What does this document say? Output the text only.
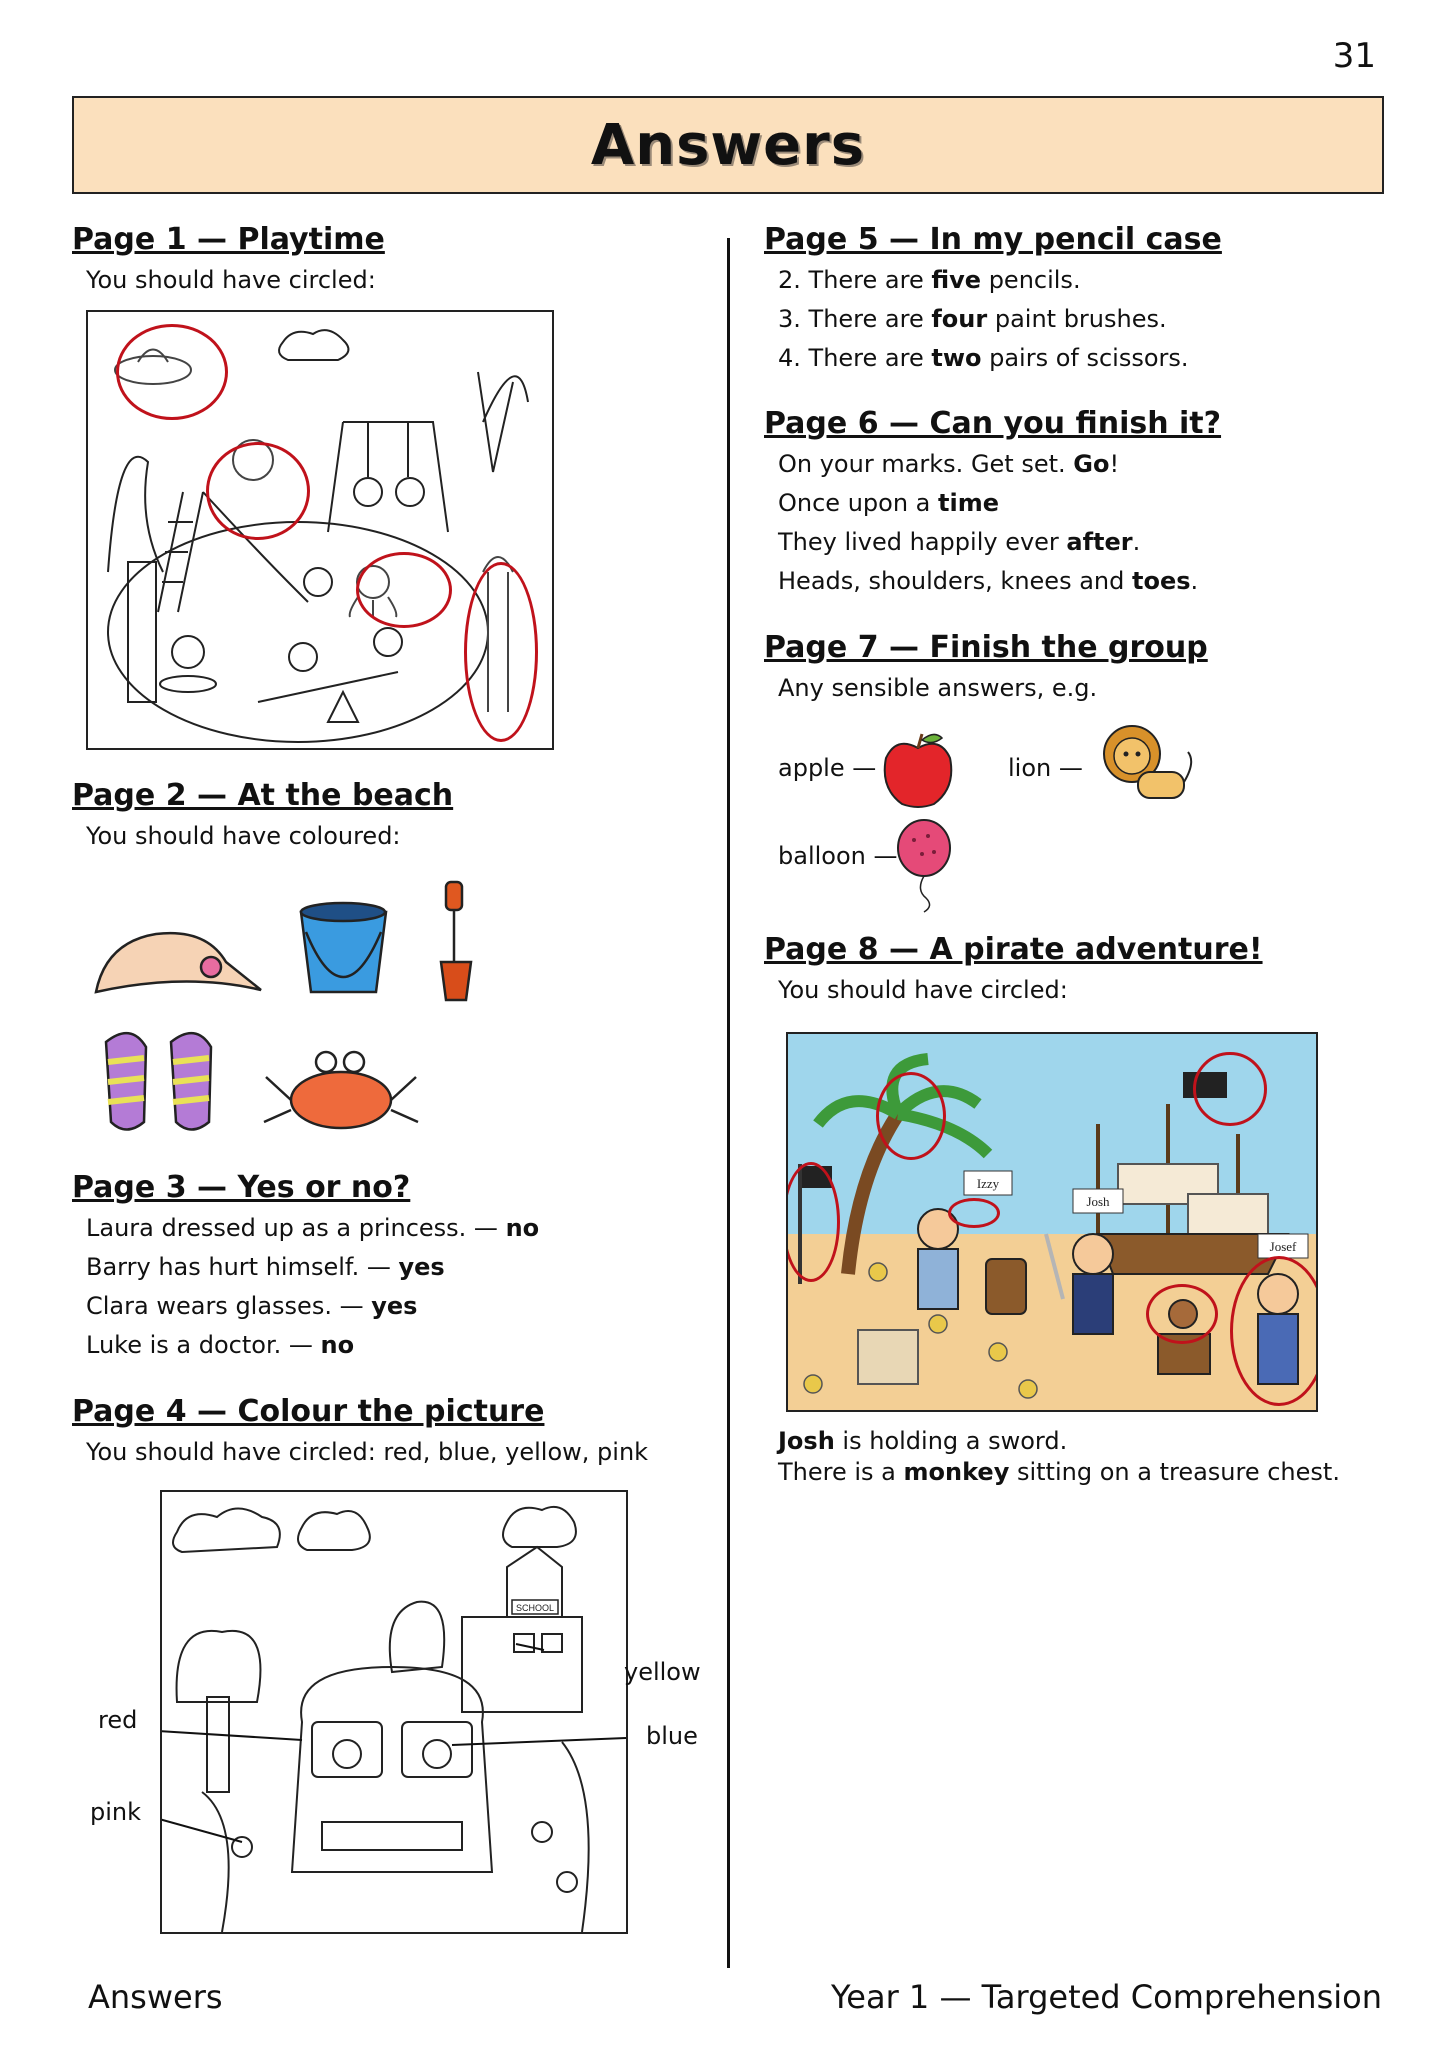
31
Answers

Page 1 — Playtime

You should have circled:

Page 2 — At the beach

You should have coloured:

Page 3 — Yes or no?

Laura dressed up as a princess. — no

Barry has hurt himself. — yes

Clara wears glasses. — yes

Luke is a doctor. — no

Page 4 — Colour the picture

You should have circled: red, blue, yellow, pink

SCHOOL
red
pink
yellow
blue

Page 5 — In my pencil case

2. There are five pencils.

3. There are four paint brushes.

4. There are two pairs of scissors.

Page 6 — Can you finish it?

On your marks. Get set. Go!

Once upon a time

They lived happily ever after.

Heads, shoulders, knees and toes.

Page 7 — Finish the group

Any sensible answers, e.g.

apple —	lion —
balloon —

Page 8 — A pirate adventure!

You should have circled:

Izzy
Josh
Josef

Josh is holding a sword.

There is a monkey sitting on a treasure chest.

Answers	Year 1 — Targeted Comprehension
